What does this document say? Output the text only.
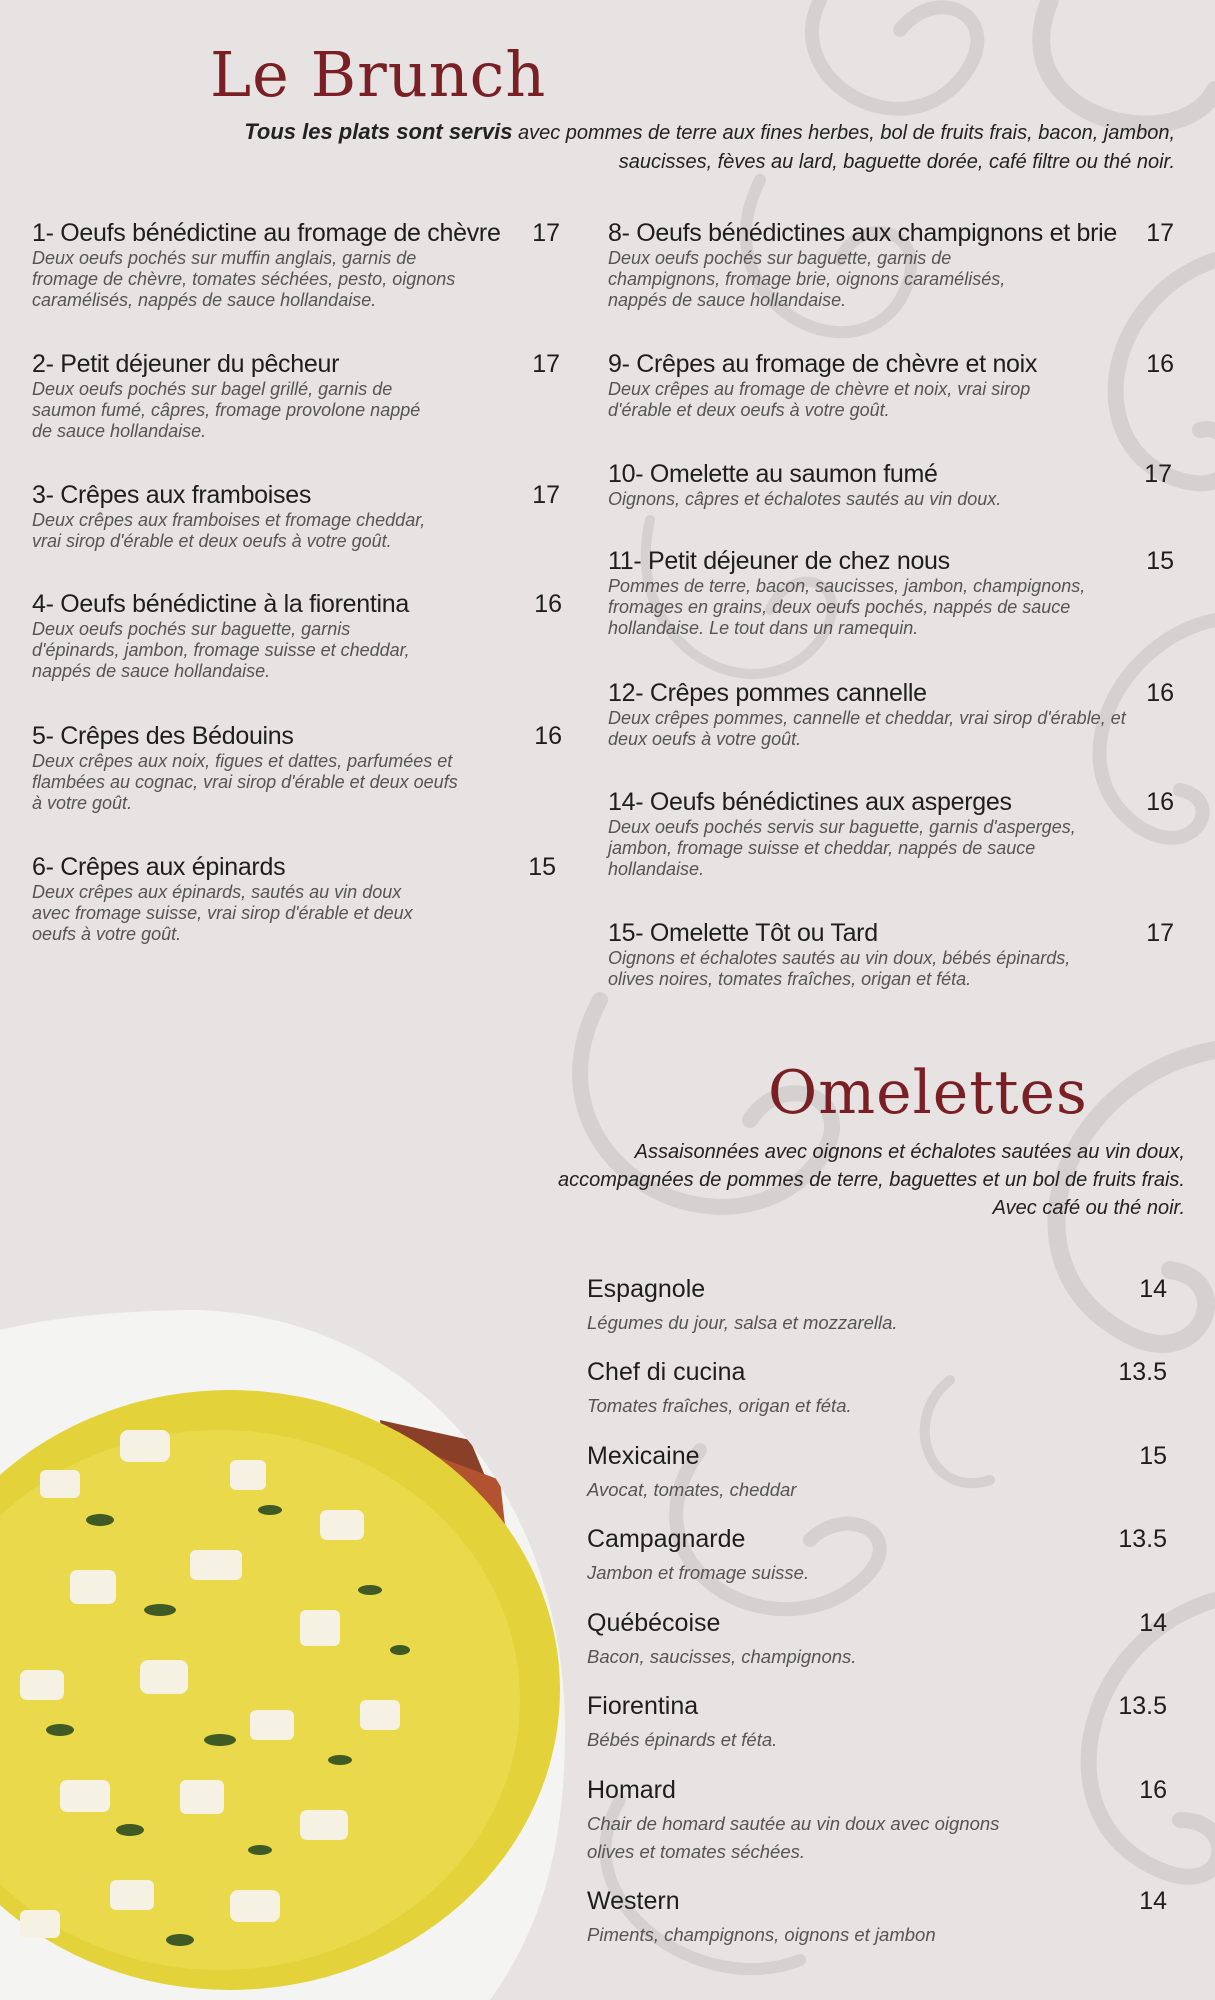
Le Brunch
Tous les plats sont servis avec pommes de terre aux fines herbes, bol de fruits frais, bacon, jambon, saucisses, fèves au lard, baguette dorée, café filtre ou thé noir.
1- Oeufs bénédictine au fromage de chèvre	17
Deux oeufs pochés sur muffin anglais, garnis de fromage de chèvre, tomates séchées, pesto, oignons caramélisés, nappés de sauce hollandaise.
2- Petit déjeuner du pêcheur	17
Deux oeufs pochés sur bagel grillé, garnis de saumon fumé, câpres, fromage provolone nappé de sauce hollandaise.
3- Crêpes aux framboises	17
Deux crêpes aux framboises et fromage cheddar, vrai sirop d'érable et deux oeufs à votre goût.
4- Oeufs bénédictine à la fiorentina	16
Deux oeufs pochés sur baguette, garnis d'épinards, jambon, fromage suisse et cheddar, nappés de sauce hollandaise.
5- Crêpes des Bédouins	16
Deux crêpes aux noix, figues et dattes, parfumées et flambées au cognac, vrai sirop d'érable et deux oeufs à votre goût.
6- Crêpes aux épinards	15
Deux crêpes aux épinards, sautés au vin doux avec fromage suisse, vrai sirop d'érable et deux oeufs à votre goût.
8- Oeufs bénédictines aux champignons et brie	17
Deux oeufs pochés sur baguette, garnis de champignons, fromage brie, oignons caramélisés, nappés de sauce hollandaise.
9- Crêpes au fromage de chèvre et noix	16
Deux crêpes au fromage de chèvre et noix, vrai sirop d'érable et deux oeufs à votre goût.
10- Omelette au saumon fumé	17
Oignons, câpres et échalotes sautés au vin doux.
11- Petit déjeuner de chez nous	15
Pommes de terre, bacon, saucisses, jambon, champignons, fromages en grains, deux oeufs pochés, nappés de sauce hollandaise. Le tout dans un ramequin.
12- Crêpes pommes cannelle	16
Deux crêpes pommes, cannelle et cheddar, vrai sirop d'érable, et deux oeufs à votre goût.
14- Oeufs bénédictines aux asperges	16
Deux oeufs pochés servis sur baguette, garnis d'asperges, jambon, fromage suisse et cheddar, nappés de sauce hollandaise.
15- Omelette Tôt ou Tard	17
Oignons et échalotes sautés au vin doux, bébés épinards, olives noires, tomates fraîches, origan et féta.
Omelettes
Assaisonnées avec oignons et échalotes sautées au vin doux, accompagnées de pommes de terre, baguettes et un bol de fruits frais. Avec café ou thé noir.
Espagnole	14
Légumes du jour, salsa et mozzarella.
Chef di cucina	13.5
Tomates fraîches, origan et féta.
Mexicaine	15
Avocat, tomates, cheddar
Campagnarde	13.5
Jambon et fromage suisse.
Québécoise	14
Bacon, saucisses, champignons.
Fiorentina	13.5
Bébés épinards et féta.
Homard	16
Chair de homard sautée au vin doux avec oignons olives et tomates séchées.
Western	14
Piments, champignons, oignons et jambon
